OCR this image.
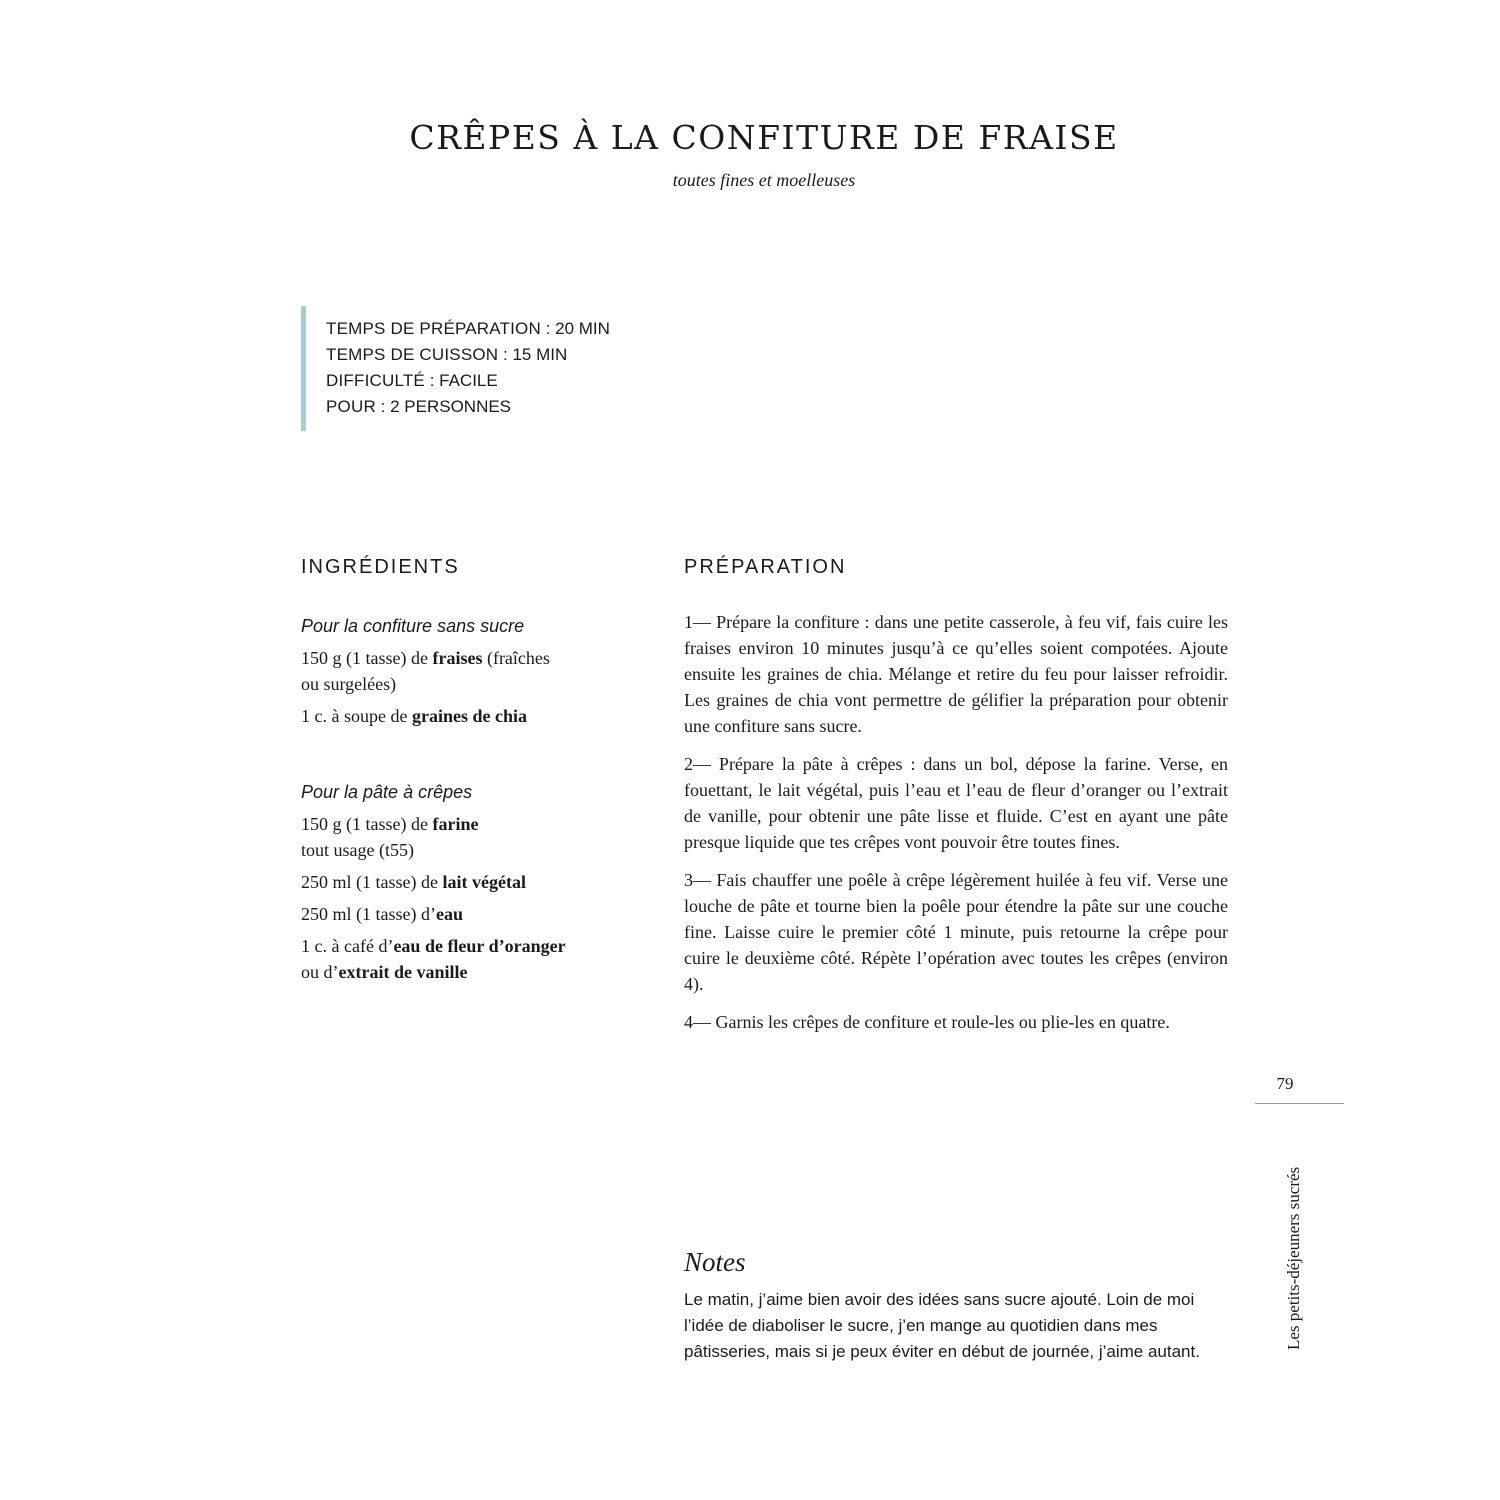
CRÊPES À LA CONFITURE DE FRAISE
toutes fines et moelleuses
TEMPS DE PRÉPARATION : 20 MIN
TEMPS DE CUISSON : 15 MIN
DIFFICULTÉ : FACILE
POUR : 2 PERSONNES
INGRÉDIENTS	PRÉPARATION
Pour la confiture sans sucre
150 g (1 tasse) de fraises (fraîches
ou surgelées)
1 c. à soupe de graines de chia
Pour la pâte à crêpes
150 g (1 tasse) de farine
tout usage (t55)
250 ml (1 tasse) de lait végétal
250 ml (1 tasse) d’eau
1 c. à café d’eau de fleur d’oranger
ou d’extrait de vanille

1— Prépare la confiture : dans une petite casserole, à feu vif, fais cuire les fraises environ 10 minutes jusqu’à ce qu’elles soient compotées. Ajoute ensuite les graines de chia. Mélange et retire du feu pour laisser refroidir. Les graines de chia vont permettre de gélifier la préparation pour obtenir une confiture sans sucre.

2— Prépare la pâte à crêpes : dans un bol, dépose la farine. Verse, en fouettant, le lait végétal, puis l’eau et l’eau de fleur d’oranger ou l’extrait de vanille, pour obtenir une pâte lisse et fluide. C’est en ayant une pâte presque liquide que tes crêpes vont pouvoir être toutes fines.

3— Fais chauffer une poêle à crêpe légèrement huilée à feu vif. Verse une louche de pâte et tourne bien la poêle pour étendre la pâte sur une couche fine. Laisse cuire le premier côté 1 minute, puis retourne la crêpe pour cuire le deuxième côté. Répète l’opération avec toutes les crêpes (environ 4).

4— Garnis les crêpes de confiture et roule-les ou plie-les en quatre.

Notes
Le matin, j’aime bien avoir des idées sans sucre ajouté. Loin de moi l’idée de diaboliser le sucre, j’en mange au quotidien dans mes pâtisseries, mais si je peux éviter en début de journée, j’aime autant.
79
Les petits-déjeuners sucrés
